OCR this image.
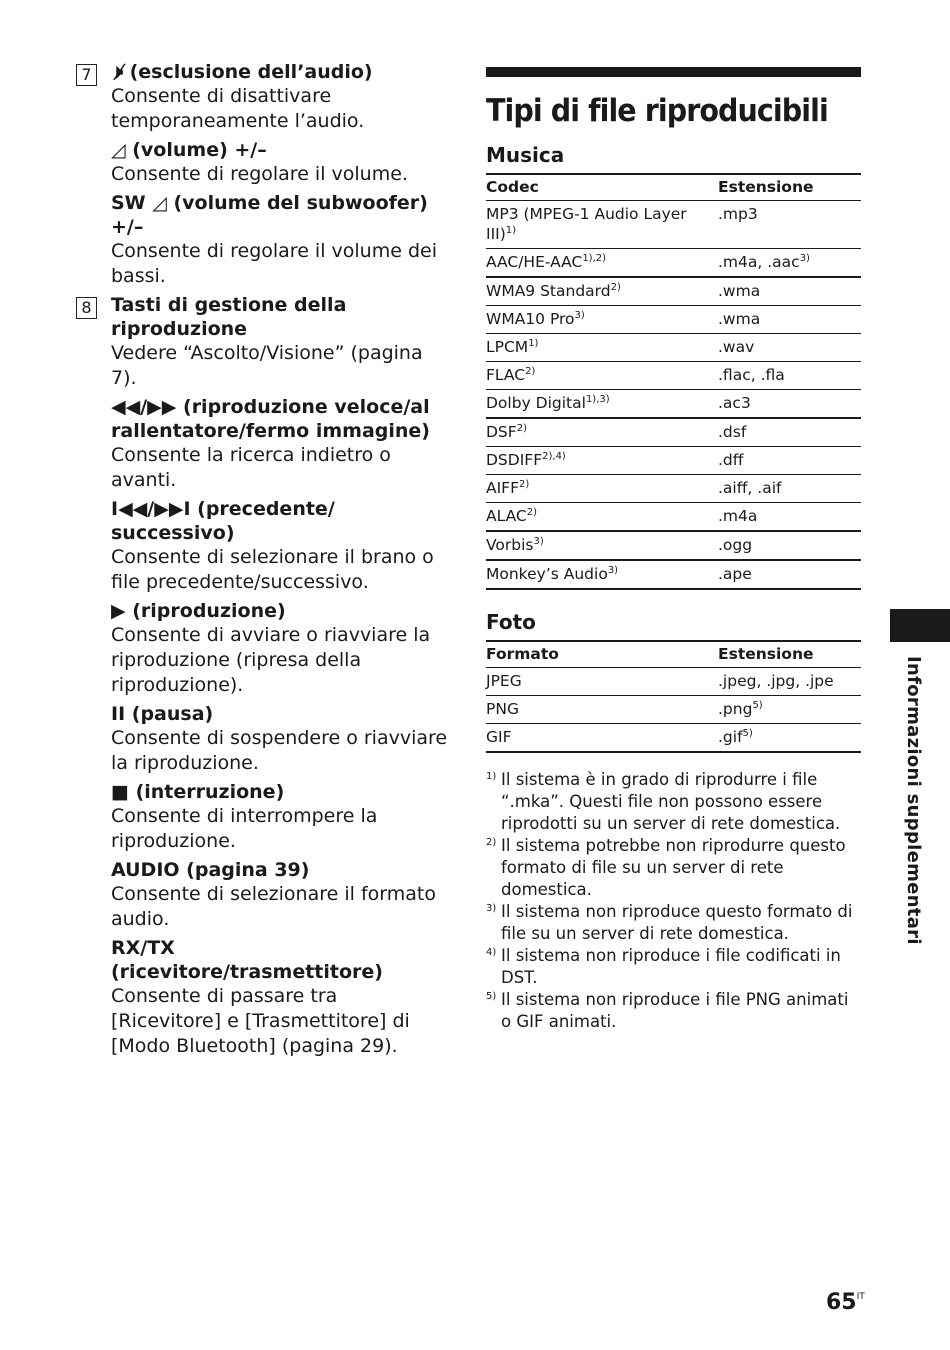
7 🕨̸ (esclusione dell’audio)
Consente di disattivare temporaneamente l’audio.
◿ (volume) +/–
Consente di regolare il volume.
SW ◿ (volume del subwoofer) +/–
Consente di regolare il volume dei bassi.
8 Tasti di gestione della riproduzione
Vedere “Ascolto/Visione” (pagina 7).
◀◀/▶▶ (riproduzione veloce/al rallentatore/fermo immagine)
Consente la ricerca indietro o avanti.
I◀◀/▶▶I (precedente/ successivo)
Consente di selezionare il brano o file precedente/successivo.
▶ (riproduzione)
Consente di avviare o riavviare la riproduzione (ripresa della riproduzione).
II (pausa)
Consente di sospendere o riavviare la riproduzione.
■ (interruzione)
Consente di interrompere la riproduzione.
AUDIO (pagina 39)
Consente di selezionare il formato audio.
RX/TX (ricevitore/trasmettitore)
Consente di passare tra [Ricevitore] e [Trasmettitore] di [Modo Bluetooth] (pagina 29).
Tipi di file riproducibili
Musica
Codec	Estensione
MP3 (MPEG-1 Audio Layer III)$^{1)}$	.mp3
AAC/$HE-AAC^{1),2)}$	.m4a, .aac$^{3)}$
WMA9 Standard$^{2)}$	.wma
WMA10 Pro$^{3)}$	.wma
LPCM$^{1)}$	.wav
FLAC$^{2)}$	.flac, .fla
Dolby Digital$^{1),3)}$	.ac3
DSF$^{2)}$	.dsf
$DSDIFF^{2),4)}$	.dff
AIFF$^{2)}$	.aiff, .aif
ALAC$^{2)}$	.m4a
Vorbis$^{3)}$	.ogg
Monkey’s Audio$^{3)}$	.ape
Foto
Formato	Estensione
JPEG	.jpeg, .jpg, .jpe
PNG	.png$^{5)}$
GIF	.gif$^{5)}$
1) Il sistema è in grado di riprodurre i file “.mka”. Questi file non possono essere riprodotti su un server di rete domestica.
2) Il sistema potrebbe non riprodurre questo formato di file su un server di rete domestica.
3) Il sistema non riproduce questo formato di file su un server di rete domestica.
4) Il sistema non riproduce i file codificati in DST.
5) Il sistema non riproduce i file PNG animati o GIF animati.
Informazioni supplementari
$65^{IT}$
